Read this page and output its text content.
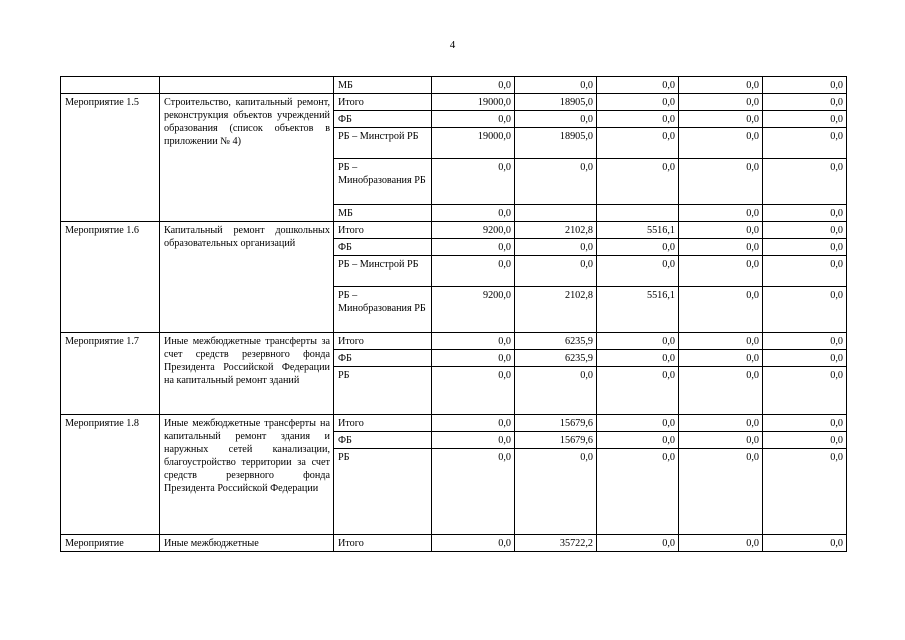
4
		МБ	0,0	0,0	0,0	0,0	0,0
Мероприятие 1.5	Строительство, капитальный ремонт, реконструкция объектов учреждений образования (список объектов в приложении № 4)	Итого	19000,0	18905,0	0,0	0,0	0,0
		ФБ	0,0	0,0	0,0	0,0	0,0
		РБ – Минстрой РБ	19000,0	18905,0	0,0	0,0	0,0
		РБ – Минобразования РБ	0,0	0,0	0,0	0,0	0,0
		МБ	0,0			0,0	0,0
Мероприятие 1.6	Капитальный ремонт дошкольных образовательных организаций	Итого	9200,0	2102,8	5516,1	0,0	0,0
		ФБ	0,0	0,0	0,0	0,0	0,0
		РБ – Минстрой РБ	0,0	0,0	0,0	0,0	0,0
		РБ – Минобразования РБ	9200,0	2102,8	5516,1	0,0	0,0
Мероприятие 1.7	Иные межбюджетные трансферты за счет средств резервного фонда Президента Российской Федерации на капитальный ремонт зданий	Итого	0,0	6235,9	0,0	0,0	0,0
		ФБ	0,0	6235,9	0,0	0,0	0,0
		РБ	0,0	0,0	0,0	0,0	0,0
Мероприятие 1.8	Иные межбюджетные трансферты на капитальный ремонт здания и наружных сетей канализации, благоустройство территории за счет средств резервного фонда Президента Российской Федерации	Итого	0,0	15679,6	0,0	0,0	0,0
		ФБ	0,0	15679,6	0,0	0,0	0,0
		РБ	0,0	0,0	0,0	0,0	0,0
Мероприятие	Иные межбюджетные	Итого	0,0	35722,2	0,0	0,0	0,0
